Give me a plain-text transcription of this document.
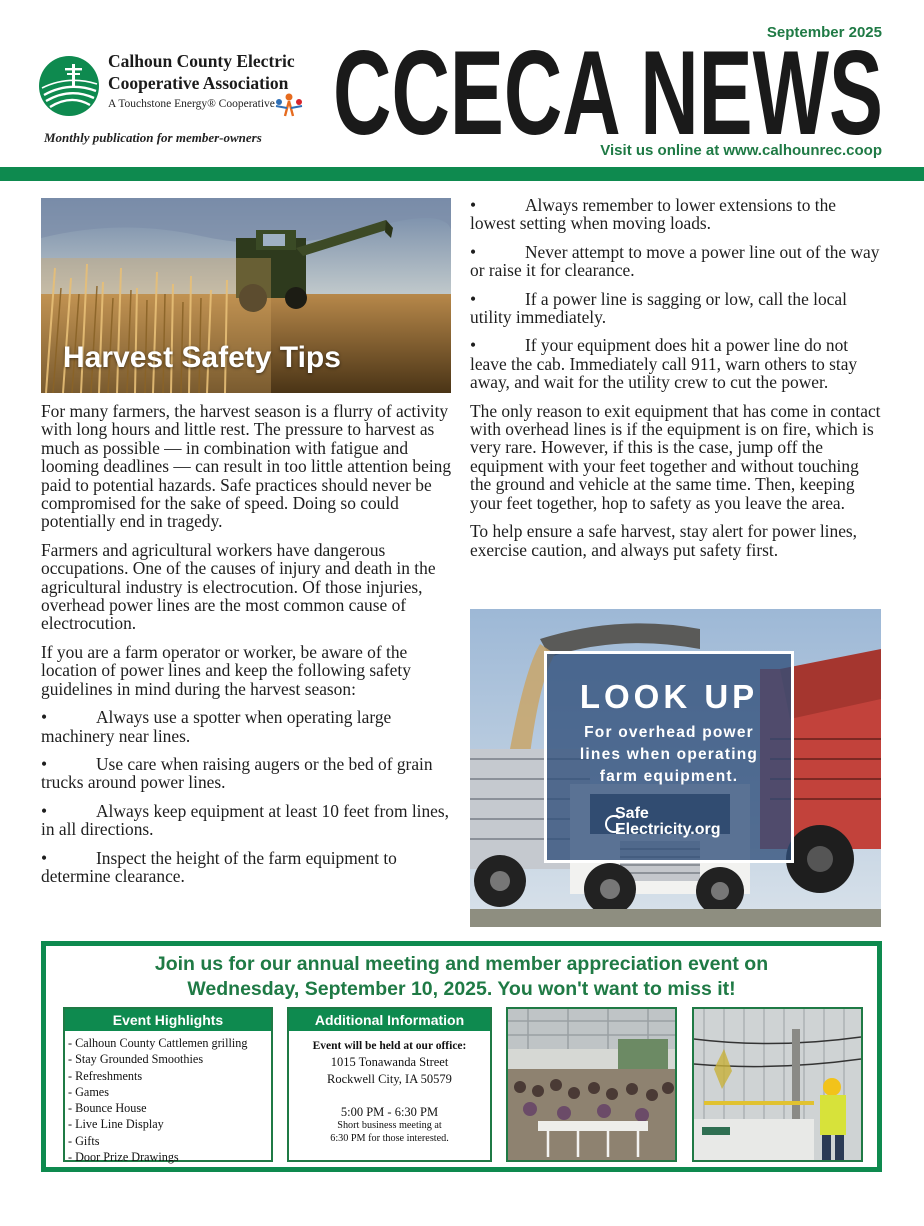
Calhoun County Electric
Cooperative Association
A Touchstone Energy® Cooperative
Monthly publication for member-owners
September 2025
CCECA NEWS
Visit us online at www.calhounrec.coop
Harvest Safety Tips

For many farmers, the harvest season is a flurry of activity with long hours and little rest. The pressure to harvest as much as possible — in combination with fatigue and looming deadlines — can result in too little attention being paid to potential hazards. Safe practices should never be compromised for the sake of speed. Doing so could potentially end in tragedy.

Farmers and agricultural workers have dangerous occupations. One of the causes of injury and death in the agricultural industry is electrocution. Of those injuries, overhead power lines are the most common cause of electrocution.

If you are a farm operator or worker, be aware of the location of power lines and keep the following safety guidelines in mind during the harvest season:

•	Always use a spotter when operating large machinery near lines.

•	Use care when raising augers or the bed of grain trucks around power lines.

•	Always keep equipment at least 10 feet from lines, in all directions.

•	Inspect the height of the farm equipment to determine clearance.

•	Always remember to lower extensions to the lowest setting when moving loads.

•	Never attempt to move a power line out of the way or raise it for clearance.

•	If a power line is sagging or low, call the local utility immediately.

•	If your equipment does hit a power line do not leave the cab. Immediately call 911, warn others to stay away, and wait for the utility crew to cut the power.

The only reason to exit equipment that has come in contact with overhead lines is if the equipment is on fire, which is very rare. However, if this is the case, jump off the equipment with your feet together and without touching the ground and vehicle at the same time. Then, keeping your feet together, hop to safety as you leave the area.

To help ensure a safe harvest, stay alert for power lines, exercise caution, and always put safety first.

LOOK UP
For overhead power
lines when operating
farm equipment.
Safe
Electricity.org
Join us for our annual meeting and member appreciation event on
Wednesday, September 10, 2025. You won't want to miss it!
Event Highlights
- Calhoun County Cattlemen grilling
- Stay Grounded Smoothies
- Refreshments
- Games
- Bounce House
- Live Line Display
- Gifts
- Door Prize Drawings
Additional Information
Event will be held at our office:
1015 Tonawanda Street
Rockwell City, IA 50579
5:00 PM - 6:30 PM
Short business meeting at
6:30 PM for those interested.
